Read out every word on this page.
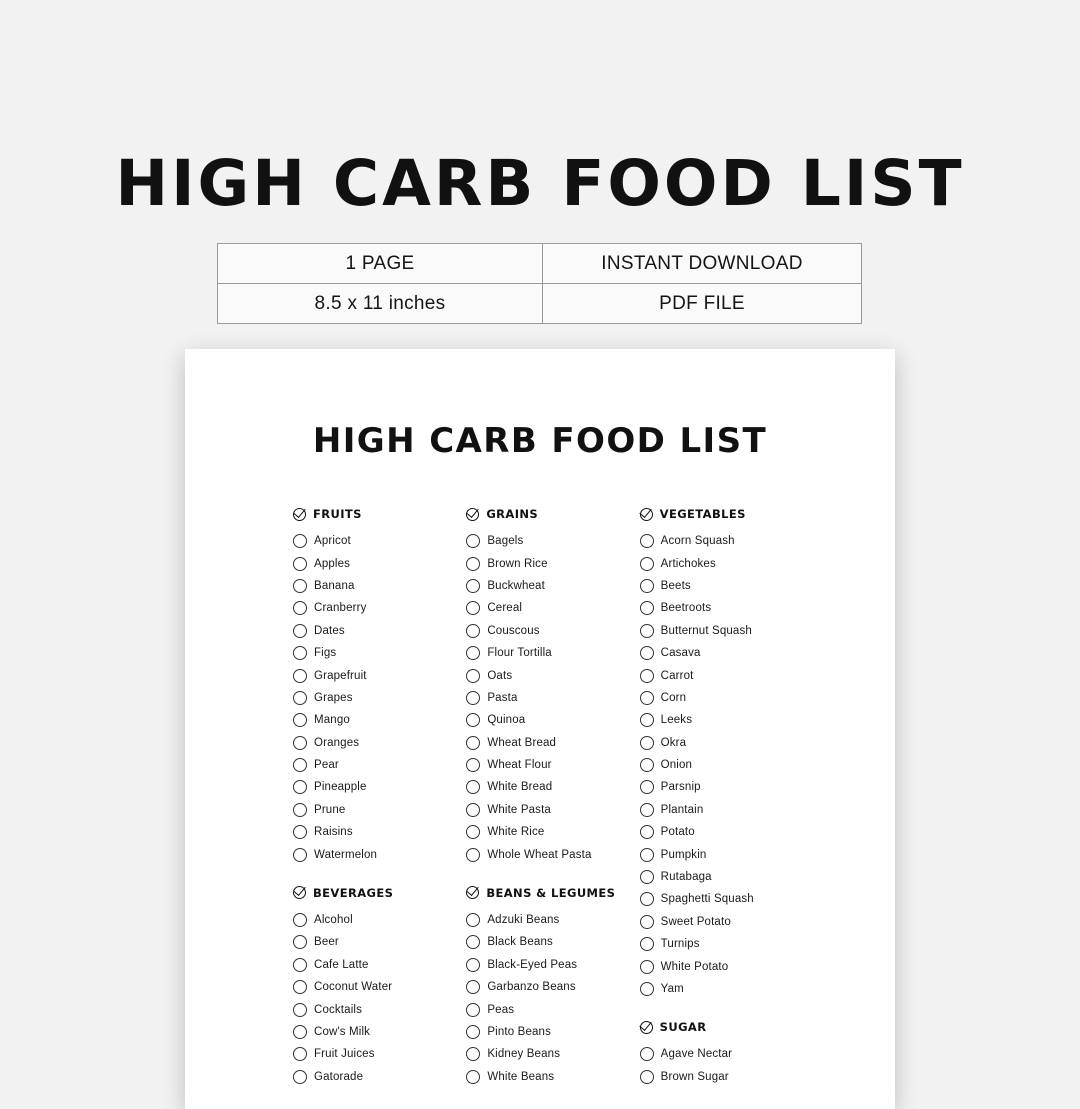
HIGH CARB FOOD LIST
1 PAGE	INSTANT DOWNLOAD
8.5 x 11 inches	PDF FILE
HIGH CARB FOOD LIST
FRUITS
Apricot
Apples
Banana
Cranberry
Dates
Figs
Grapefruit
Grapes
Mango
Oranges
Pear
Pineapple
Prune
Raisins
Watermelon
BEVERAGES
Alcohol
Beer
Cafe Latte
Coconut Water
Cocktails
Cow's Milk
Fruit Juices
Gatorade
GRAINS
Bagels
Brown Rice
Buckwheat
Cereal
Couscous
Flour Tortilla
Oats
Pasta
Quinoa
Wheat Bread
Wheat Flour
White Bread
White Pasta
White Rice
Whole Wheat Pasta
BEANS & LEGUMES
Adzuki Beans
Black Beans
Black-Eyed Peas
Garbanzo Beans
Peas
Pinto Beans
Kidney Beans
White Beans
VEGETABLES
Acorn Squash
Artichokes
Beets
Beetroots
Butternut Squash
Casava
Carrot
Corn
Leeks
Okra
Onion
Parsnip
Plantain
Potato
Pumpkin
Rutabaga
Spaghetti Squash
Sweet Potato
Turnips
White Potato
Yam
SUGAR
Agave Nectar
Brown Sugar
